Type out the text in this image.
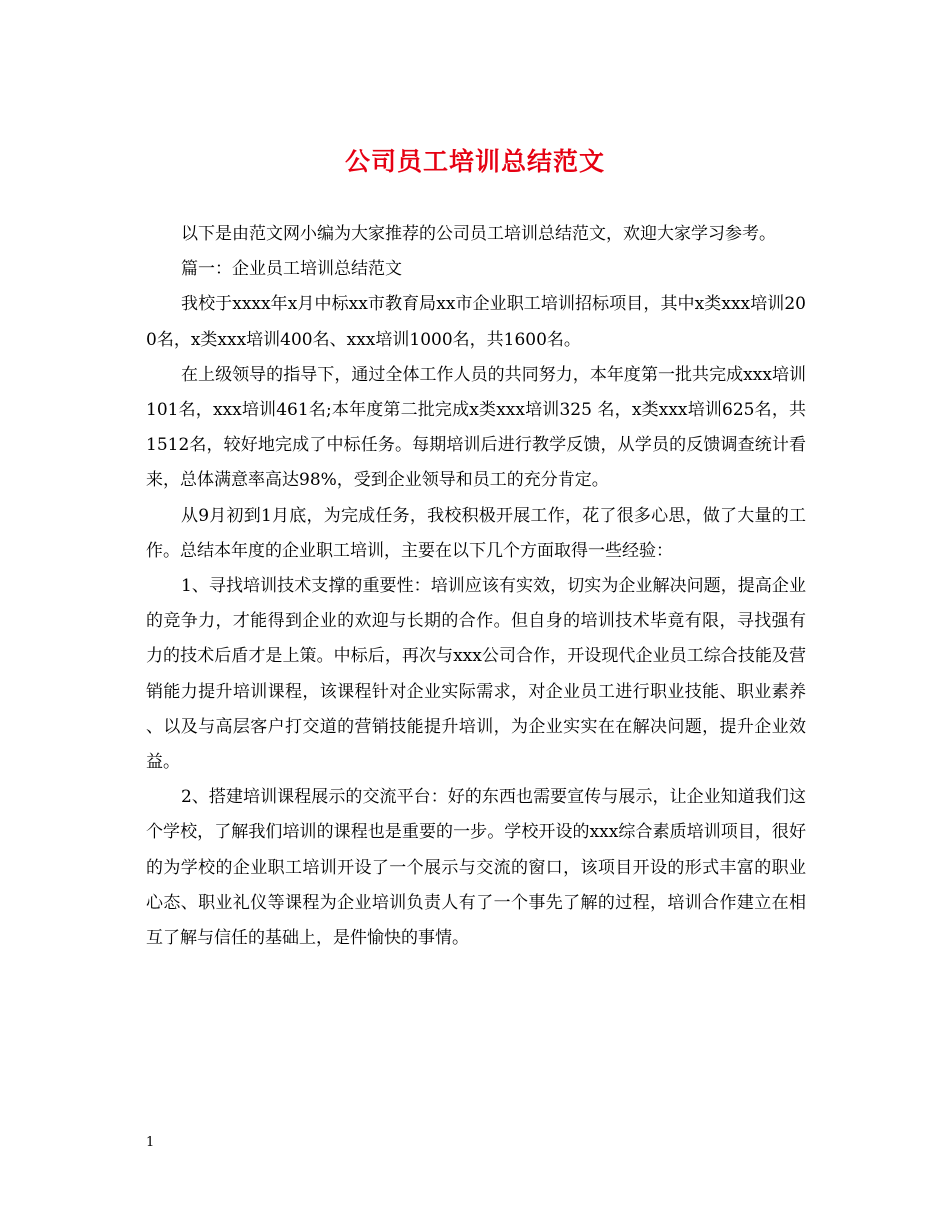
公司员工培训总结范文

以下是由范文网小编为大家推荐的公司员工培训总结范文，欢迎大家学习参考。

篇一：企业员工培训总结范文

我校于xxxx年x月中标xx市教育局xx市企业职工培训招标项目，其中x类xxx培训200名，x类xxx培训400名、xxx培训1000名，共1600名。

在上级领导的指导下，通过全体工作人员的共同努力，本年度第一批共完成xxx培训101名，xxx培训461名;本年度第二批完成x类xxx培训325 名，x类xxx培训625名，共1512名，较好地完成了中标任务。每期培训后进行教学反馈，从学员的反馈调查统计看来，总体满意率高达98%，受到企业领导和员工的充分肯定。

从9月初到1月底，为完成任务，我校积极开展工作，花了很多心思，做了大量的工作。总结本年度的企业职工培训，主要在以下几个方面取得一些经验：

1、寻找培训技术支撑的重要性：培训应该有实效，切实为企业解决问题，提高企业的竞争力，才能得到企业的欢迎与长期的合作。但自身的培训技术毕竟有限，寻找强有力的技术后盾才是上策。中标后，再次与xxx公司合作，开设现代企业员工综合技能及营销能力提升培训课程，该课程针对企业实际需求，对企业员工进行职业技能、职业素养、以及与高层客户打交道的营销技能提升培训，为企业实实在在解决问题，提升企业效益。

2、搭建培训课程展示的交流平台：好的东西也需要宣传与展示，让企业知道我们这个学校，了解我们培训的课程也是重要的一步。学校开设的xxx综合素质培训项目，很好的为学校的企业职工培训开设了一个展示与交流的窗口，该项目开设的形式丰富的职业心态、职业礼仪等课程为企业培训负责人有了一个事先了解的过程，培训合作建立在相互了解与信任的基础上，是件愉快的事情。

1
